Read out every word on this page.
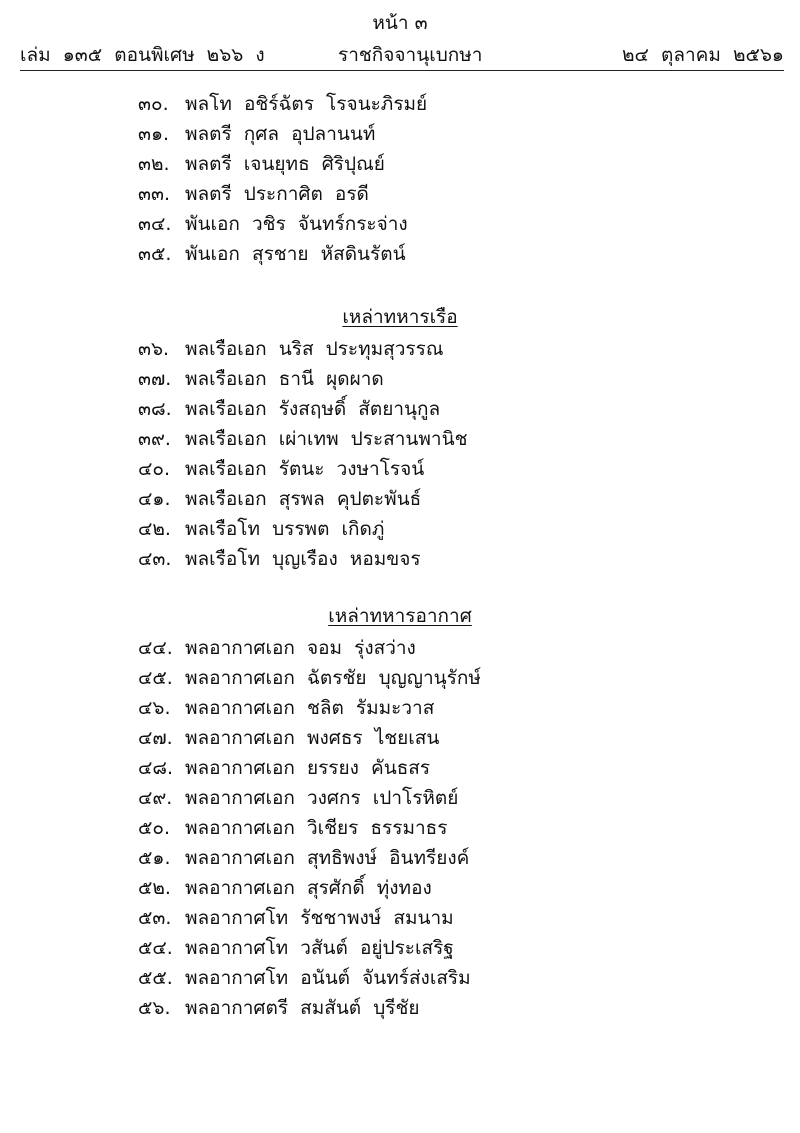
หน้า ๓
เล่ม  ๑๓๕  ตอนพิเศษ  ๒๖๖  ง	ราชกิจจานุเบกษา	๒๔  ตุลาคม  ๒๕๖๑
๓๐. พลโท  อชิร์ฉัตร  โรจนะภิรมย์
๓๑. พลตรี  กุศล  อุปลานนท์
๓๒. พลตรี  เจนยุทธ  ศิริปุณย์
๓๓. พลตรี  ประกาศิต  อรดี
๓๔. พันเอก  วชิร  จันทร์กระจ่าง
๓๕. พันเอก  สุรชาย  หัสดินรัตน์
เหล่าทหารเรือ
๓๖. พลเรือเอก  นริส  ประทุมสุวรรณ
๓๗. พลเรือเอก  ธานี  ผุดผาด
๓๘. พลเรือเอก  รังสฤษดิ์  สัตยานุกูล
๓๙. พลเรือเอก  เผ่าเทพ  ประสานพานิช
๔๐. พลเรือเอก  รัตนะ  วงษาโรจน์
๔๑. พลเรือเอก  สุรพล  คุปตะพันธ์
๔๒. พลเรือโท  บรรพต  เกิดภู่
๔๓. พลเรือโท  บุญเรือง  หอมขจร
เหล่าทหารอากาศ
๔๔. พลอากาศเอก  จอม  รุ่งสว่าง
๔๕. พลอากาศเอก  ฉัตรชัย  บุญญานุรักษ์
๔๖. พลอากาศเอก  ชลิต  รัมมะวาส
๔๗. พลอากาศเอก  พงศธร  ไชยเสน
๔๘. พลอากาศเอก  ยรรยง  คันธสร
๔๙. พลอากาศเอก  วงศกร  เปาโรหิตย์
๕๐. พลอากาศเอก  วิเชียร  ธรรมาธร
๕๑. พลอากาศเอก  สุทธิพงษ์  อินทรียงค์
๕๒. พลอากาศเอก  สุรศักดิ์  ทุ่งทอง
๕๓. พลอากาศโท  รัชชาพงษ์  สมนาม
๕๔. พลอากาศโท  วสันต์  อยู่ประเสริฐ
๕๕. พลอากาศโท  อนันต์  จันทร์ส่งเสริม
๕๖. พลอากาศตรี  สมสันต์  บุรีชัย
